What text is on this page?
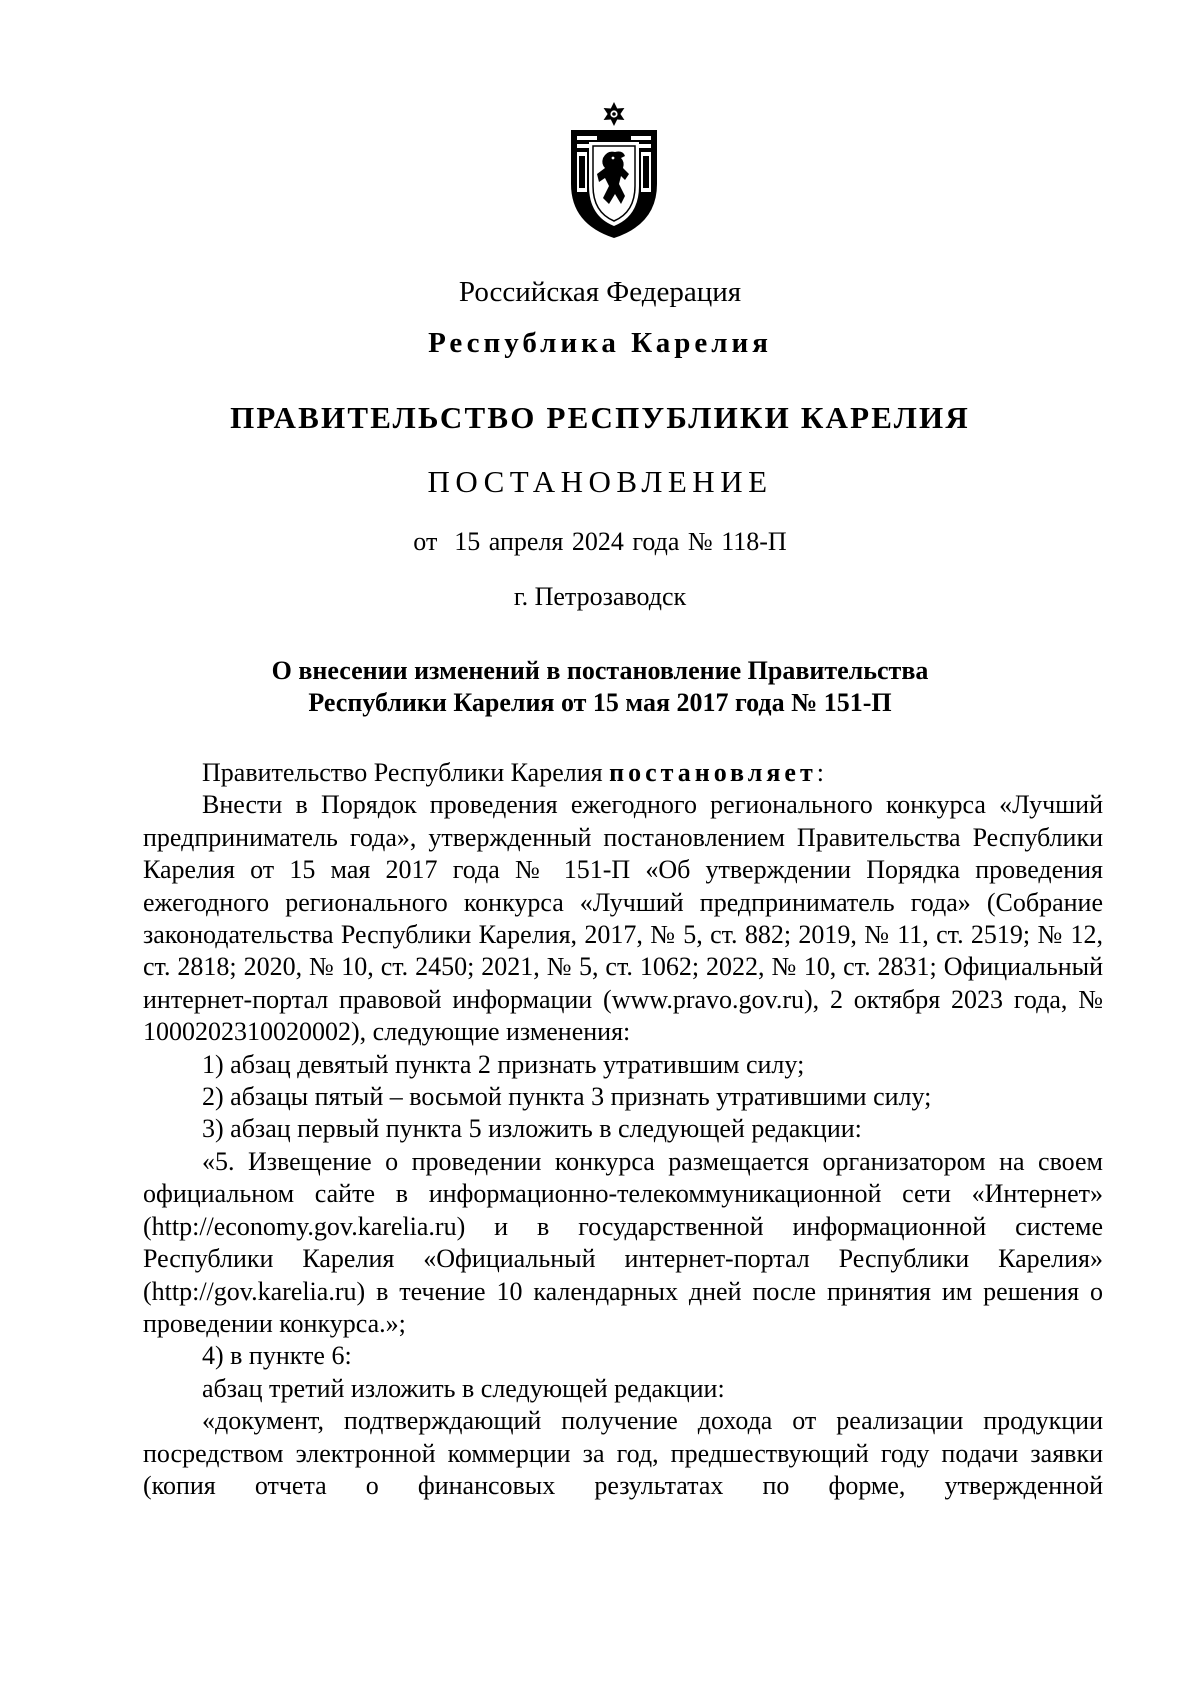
Российская Федерация
Республика Карелия
ПРАВИТЕЛЬСТВО РЕСПУБЛИКИ КАРЕЛИЯ
ПОСТАНОВЛЕНИЕ
от  15 апреля 2024 года № 118-П
г. Петрозаводск
О внесении изменений в постановление Правительства
Республики Карелия от 15 мая 2017 года № 151-П

Правительство Республики Карелия постановляет:

Внести в Порядок проведения ежегодного регионального конкурса «Лучший предприниматель года», утвержденный постановлением Правительства Республики Карелия от 15 мая 2017 года № 151-П «Об утверждении Порядка проведения ежегодного регионального конкурса «Лучший предприниматель года» (Собрание законодательства Республики Карелия, 2017, № 5, ст. 882; 2019, № 11, ст. 2519; № 12, ст. 2818; 2020, № 10, ст. 2450; 2021, № 5, ст. 1062; 2022, № 10, ст. 2831; Официальный интернет-портал правовой информации (www.pravo.gov.ru), 2 октября 2023 года, № 1000202310020002), следующие изменения:

1) абзац девятый пункта 2 признать утратившим силу;

2) абзацы пятый – восьмой пункта 3 признать утратившими силу;

3) абзац первый пункта 5 изложить в следующей редакции:

«5. Извещение о проведении конкурса размещается организатором на своем официальном сайте в информационно-телекоммуникационной сети «Интернет» (http://economy.gov.karelia.ru) и в государственной информационной системе Республики Карелия «Официальный интернет-портал Республики Карелия» (http://gov.karelia.ru) в течение 10 календарных дней после принятия им решения о проведении конкурса.»;

4) в пункте 6:

абзац третий изложить в следующей редакции:

«документ, подтверждающий получение дохода от реализации продукции посредством электронной коммерции за год, предшествующий году подачи заявки (копия отчета о финансовых результатах по форме, утвержденной
